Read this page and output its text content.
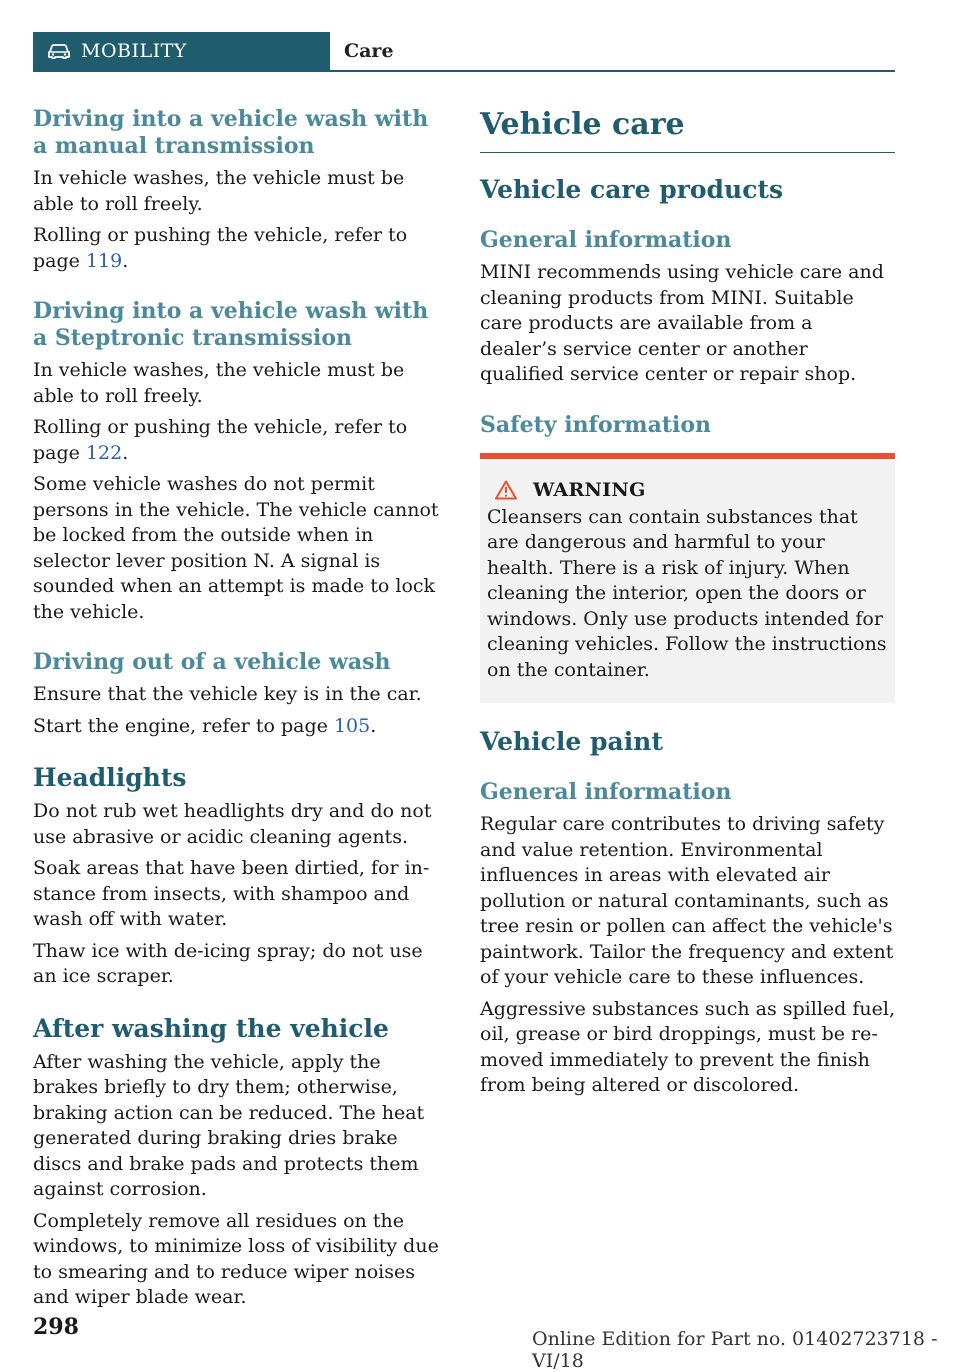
MOBILITY	Care
Driving into a vehicle wash with a manual transmission

In vehicle washes, the vehicle must be able to roll freely.

Rolling or pushing the vehicle, refer to page 119.

Driving into a vehicle wash with a Steptronic transmission

In vehicle washes, the vehicle must be able to roll freely.

Rolling or pushing the vehicle, refer to page 122.

Some vehicle washes do not permit persons in the vehicle. The vehicle cannot be locked from the outside when in selector lever position N. A signal is sounded when an attempt is made to lock the vehicle.

Driving out of a vehicle wash

Ensure that the vehicle key is in the car.

Start the engine, refer to page 105.

Headlights

Do not rub wet headlights dry and do not use abrasive or acidic cleaning agents.

Soak areas that have been dirtied, for instance from insects, with shampoo and wash off with water.

Thaw ice with de-icing spray; do not use an ice scraper.

After washing the vehicle

After washing the vehicle, apply the brakes briefly to dry them; otherwise, braking action can be reduced. The heat generated during braking dries brake discs and brake pads and protects them against corrosion.

Completely remove all residues on the windows, to minimize loss of visibility due to smearing and to reduce wiper noises and wiper blade wear.

Vehicle care
Vehicle care products
General information

MINI recommends using vehicle care and cleaning products from MINI. Suitable care products are available from a dealer’s service center or another qualified service center or repair shop.

Safety information
WARNING

Cleansers can contain substances that are dangerous and harmful to your health. There is a risk of injury. When cleaning the interior, open the doors or windows. Only use products intended for cleaning vehicles. Follow the instructions on the container.

Vehicle paint
General information

Regular care contributes to driving safety and value retention. Environmental influences in areas with elevated air pollution or natural contaminants, such as tree resin or pollen can affect the vehicle's paintwork. Tailor the frequency and extent of your vehicle care to these influences.

Aggressive substances such as spilled fuel, oil, grease or bird droppings, must be removed immediately to prevent the finish from being altered or discolored.

298	Online Edition for Part no. 01402723718 - VI/18
